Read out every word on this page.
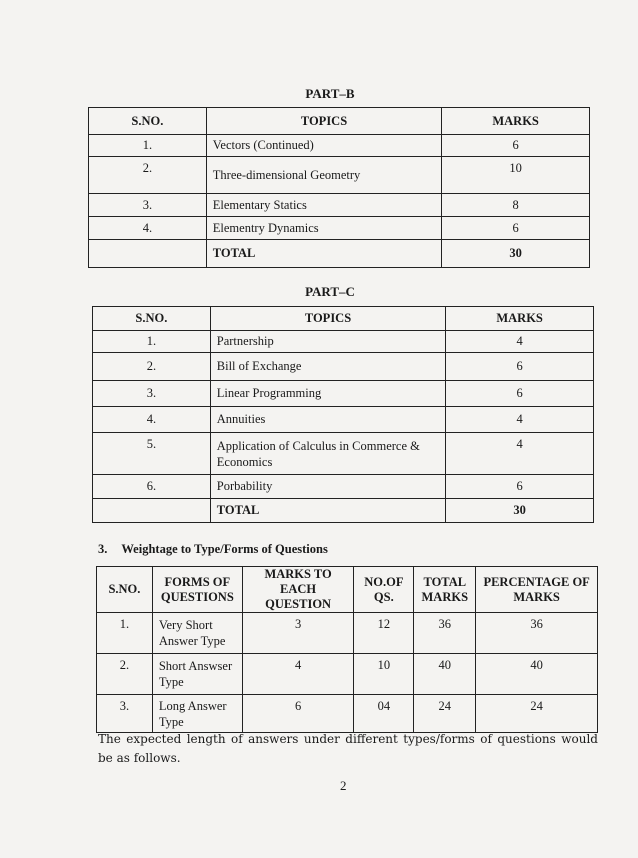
PART–B
S.NO.	TOPICS	MARKS
1.	Vectors (Continued)	6
2.	Three-dimensional Geometry	10
3.	Elementary Statics	8
4.	Elementry Dynamics	6
	TOTAL	30
PART–C
S.NO.	TOPICS	MARKS
1.	Partnership	4
2.	Bill of Exchange	6
3.	Linear Programming	6
4.	Annuities	4
5.	Application of Calculus in Commerce & Economics	4
6.	Porbability	6
	TOTAL	30
3. Weightage to Type/Forms of Questions
S.NO.	FORMS OF QUESTIONS	MARKS TO EACH QUESTION	NO.OF QS.	TOTAL MARKS	PERCENTAGE OF MARKS
1.	Very Short Answer Type	3	12	36	36
2.	Short Answser Type	4	10	40	40
3.	Long Answer Type	6	04	24	24
The expected length of answers under different types/forms of questions would be as follows.
2
